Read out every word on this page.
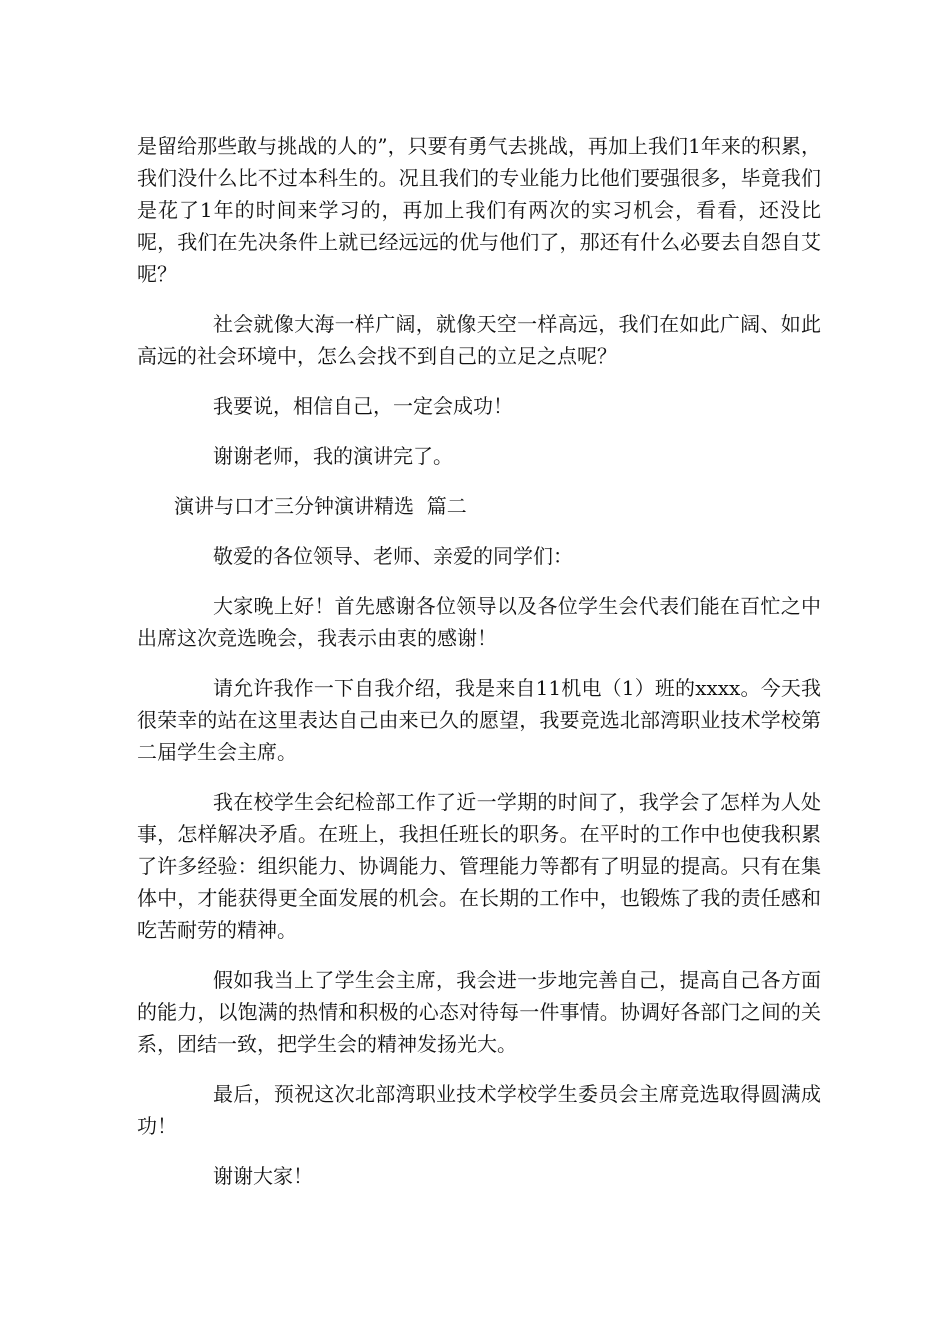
是留给那些敢与挑战的人的”，只要有勇气去挑战，再加上我们1年来的积累，我们没什么比不过本科生的。况且我们的专业能力比他们要强很多，毕竟我们是花了1年的时间来学习的，再加上我们有两次的实习机会，看看，还没比呢，我们在先决条件上就已经远远的优与他们了，那还有什么必要去自怨自艾呢？

社会就像大海一样广阔，就像天空一样高远，我们在如此广阔、如此高远的社会环境中，怎么会找不到自己的立足之点呢？

我要说，相信自己，一定会成功！

谢谢老师，我的演讲完了。

演讲与口才三分钟演讲精选  篇二

敬爱的各位领导、老师、亲爱的同学们：

大家晚上好！首先感谢各位领导以及各位学生会代表们能在百忙之中出席这次竞选晚会，我表示由衷的感谢！

请允许我作一下自我介绍，我是来自11机电（1）班的xxxx。今天我很荣幸的站在这里表达自己由来已久的愿望，我要竞选北部湾职业技术学校第二届学生会主席。

我在校学生会纪检部工作了近一学期的时间了，我学会了怎样为人处事，怎样解决矛盾。在班上，我担任班长的职务。在平时的工作中也使我积累了许多经验：组织能力、协调能力、管理能力等都有了明显的提高。只有在集体中，才能获得更全面发展的机会。在长期的工作中，也锻炼了我的责任感和吃苦耐劳的精神。

假如我当上了学生会主席，我会进一步地完善自己，提高自己各方面的能力，以饱满的热情和积极的心态对待每一件事情。协调好各部门之间的关系，团结一致，把学生会的精神发扬光大。

最后，预祝这次北部湾职业技术学校学生委员会主席竞选取得圆满成功！

谢谢大家！
